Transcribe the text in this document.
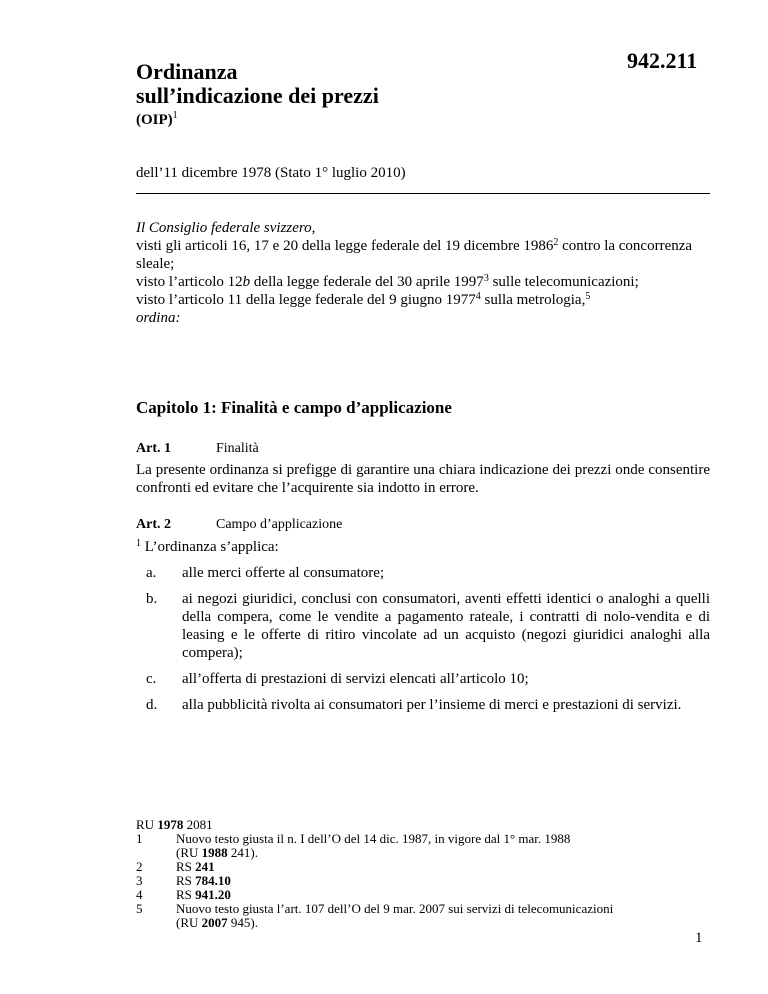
942.211
Ordinanza
sull’indicazione dei prezzi
(OIP)$^1$
dell’11 dicembre 1978 (Stato 1° luglio 2010)
Il Consiglio federale svizzero,
visti gli articoli 16, 17 e 20 della legge federale del 19 dicembre 1986$^2$ contro la concorrenza sleale;
visto l’articolo 12b della legge federale del 30 aprile 1997$^3$ sulle telecomunicazioni;
visto l’articolo 11 della legge federale del 9 giugno 1977$^4$ sulla metrologia,$^5$
ordina:
Capitolo 1: Finalità e campo d’applicazione
Art. 1	Finalità
La presente ordinanza si prefigge di garantire una chiara indicazione dei prezzi onde consentire confronti ed evitare che l’acquirente sia indotto in errore.
Art. 2	Campo d’applicazione
$^1$ L’ordinanza s’applica:
a. alle merci offerte al consumatore;
b. ai negozi giuridici, conclusi con consumatori, aventi effetti identici o analoghi a quelli della compera, come le vendite a pagamento rateale, i contratti di nolo-vendita e di leasing e le offerte di ritiro vincolate ad un acquisto (negozi giuridici analoghi alla compera);
c. all’offerta di prestazioni di servizi elencati all’articolo 10;
d. alla pubblicità rivolta ai consumatori per l’insieme di merci e prestazioni di servizi.
RU 1978 2081
1	Nuovo testo giusta il n. I dell’O del 14 dic. 1987, in vigore dal 1° mar. 1988
(RU 1988 241).
2	RS 241
3	RS 784.10
4	RS 941.20
5	Nuovo testo giusta l’art. 107 dell’O del 9 mar. 2007 sui servizi di telecomunicazioni
(RU 2007 945).
1
